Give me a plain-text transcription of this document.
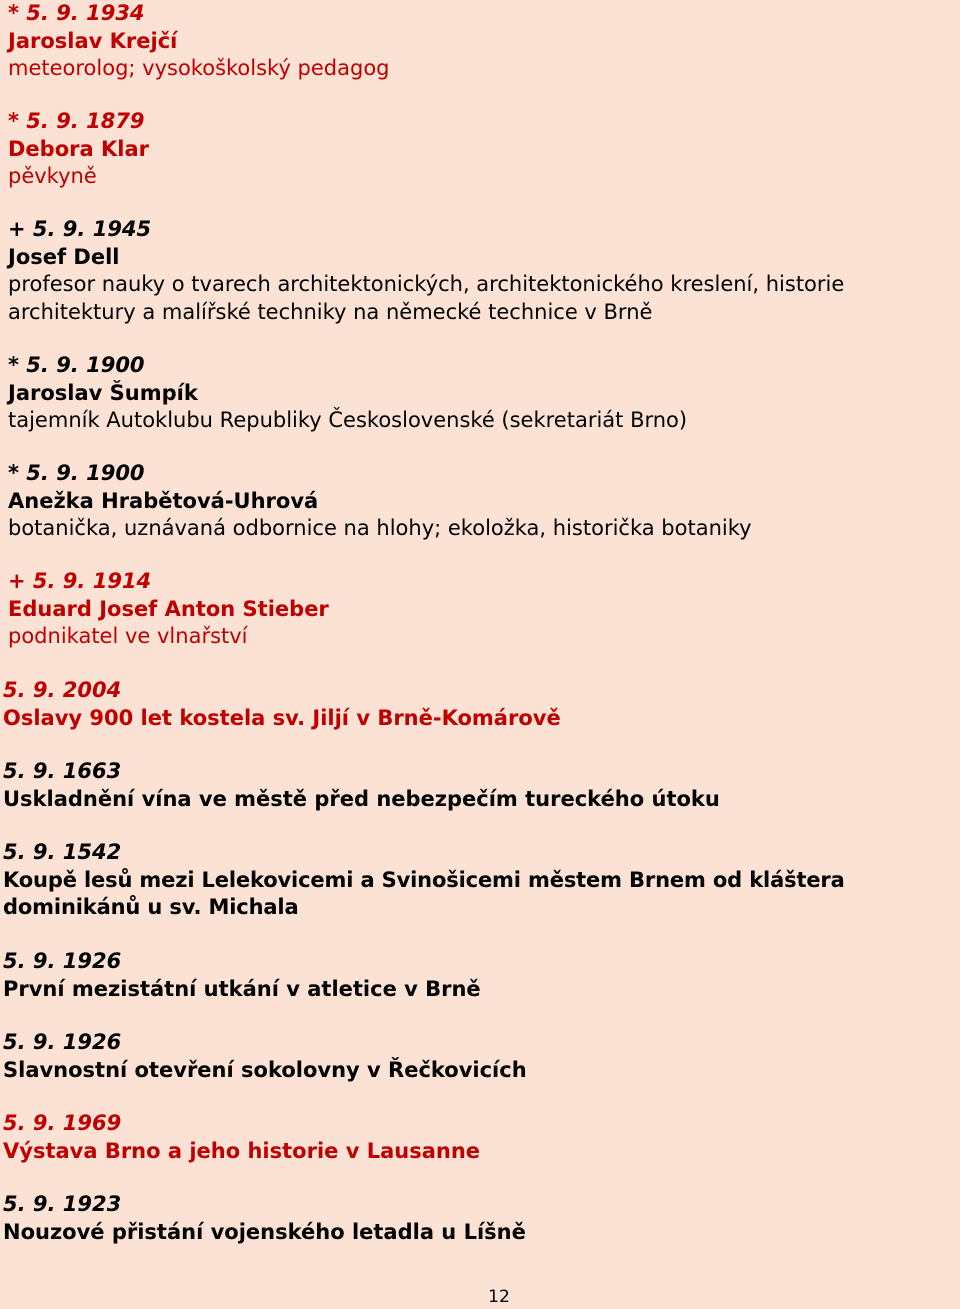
* 5. 9. 1934
Jaroslav Krejčí
meteorolog; vysokoškolský pedagog
* 5. 9. 1879
Debora Klar
pěvkyně
+ 5. 9. 1945
Josef Dell
profesor nauky o tvarech architektonických, architektonického kreslení, historie architektury a malířské techniky na německé technice v Brně
* 5. 9. 1900
Jaroslav Šumpík
tajemník Autoklubu Republiky Československé (sekretariát Brno)
* 5. 9. 1900
Anežka Hrabětová-Uhrová
botanička, uznávaná odbornice na hlohy; ekoložka, historička botaniky
+ 5. 9. 1914
Eduard Josef Anton Stieber
podnikatel ve vlnařství
5. 9. 2004
Oslavy 900 let kostela sv. Jiljí v Brně-Komárově
5. 9. 1663
Uskladnění vína ve městě před nebezpečím tureckého útoku
5. 9. 1542
Koupě lesů mezi Lelekovicemi a Svinošicemi městem Brnem od kláštera dominikánů u sv. Michala
5. 9. 1926
První mezistátní utkání v atletice v Brně
5. 9. 1926
Slavnostní otevření sokolovny v Řečkovicích
5. 9. 1969
Výstava Brno a jeho historie v Lausanne
5. 9. 1923
Nouzové přistání vojenského letadla u Líšně
12
